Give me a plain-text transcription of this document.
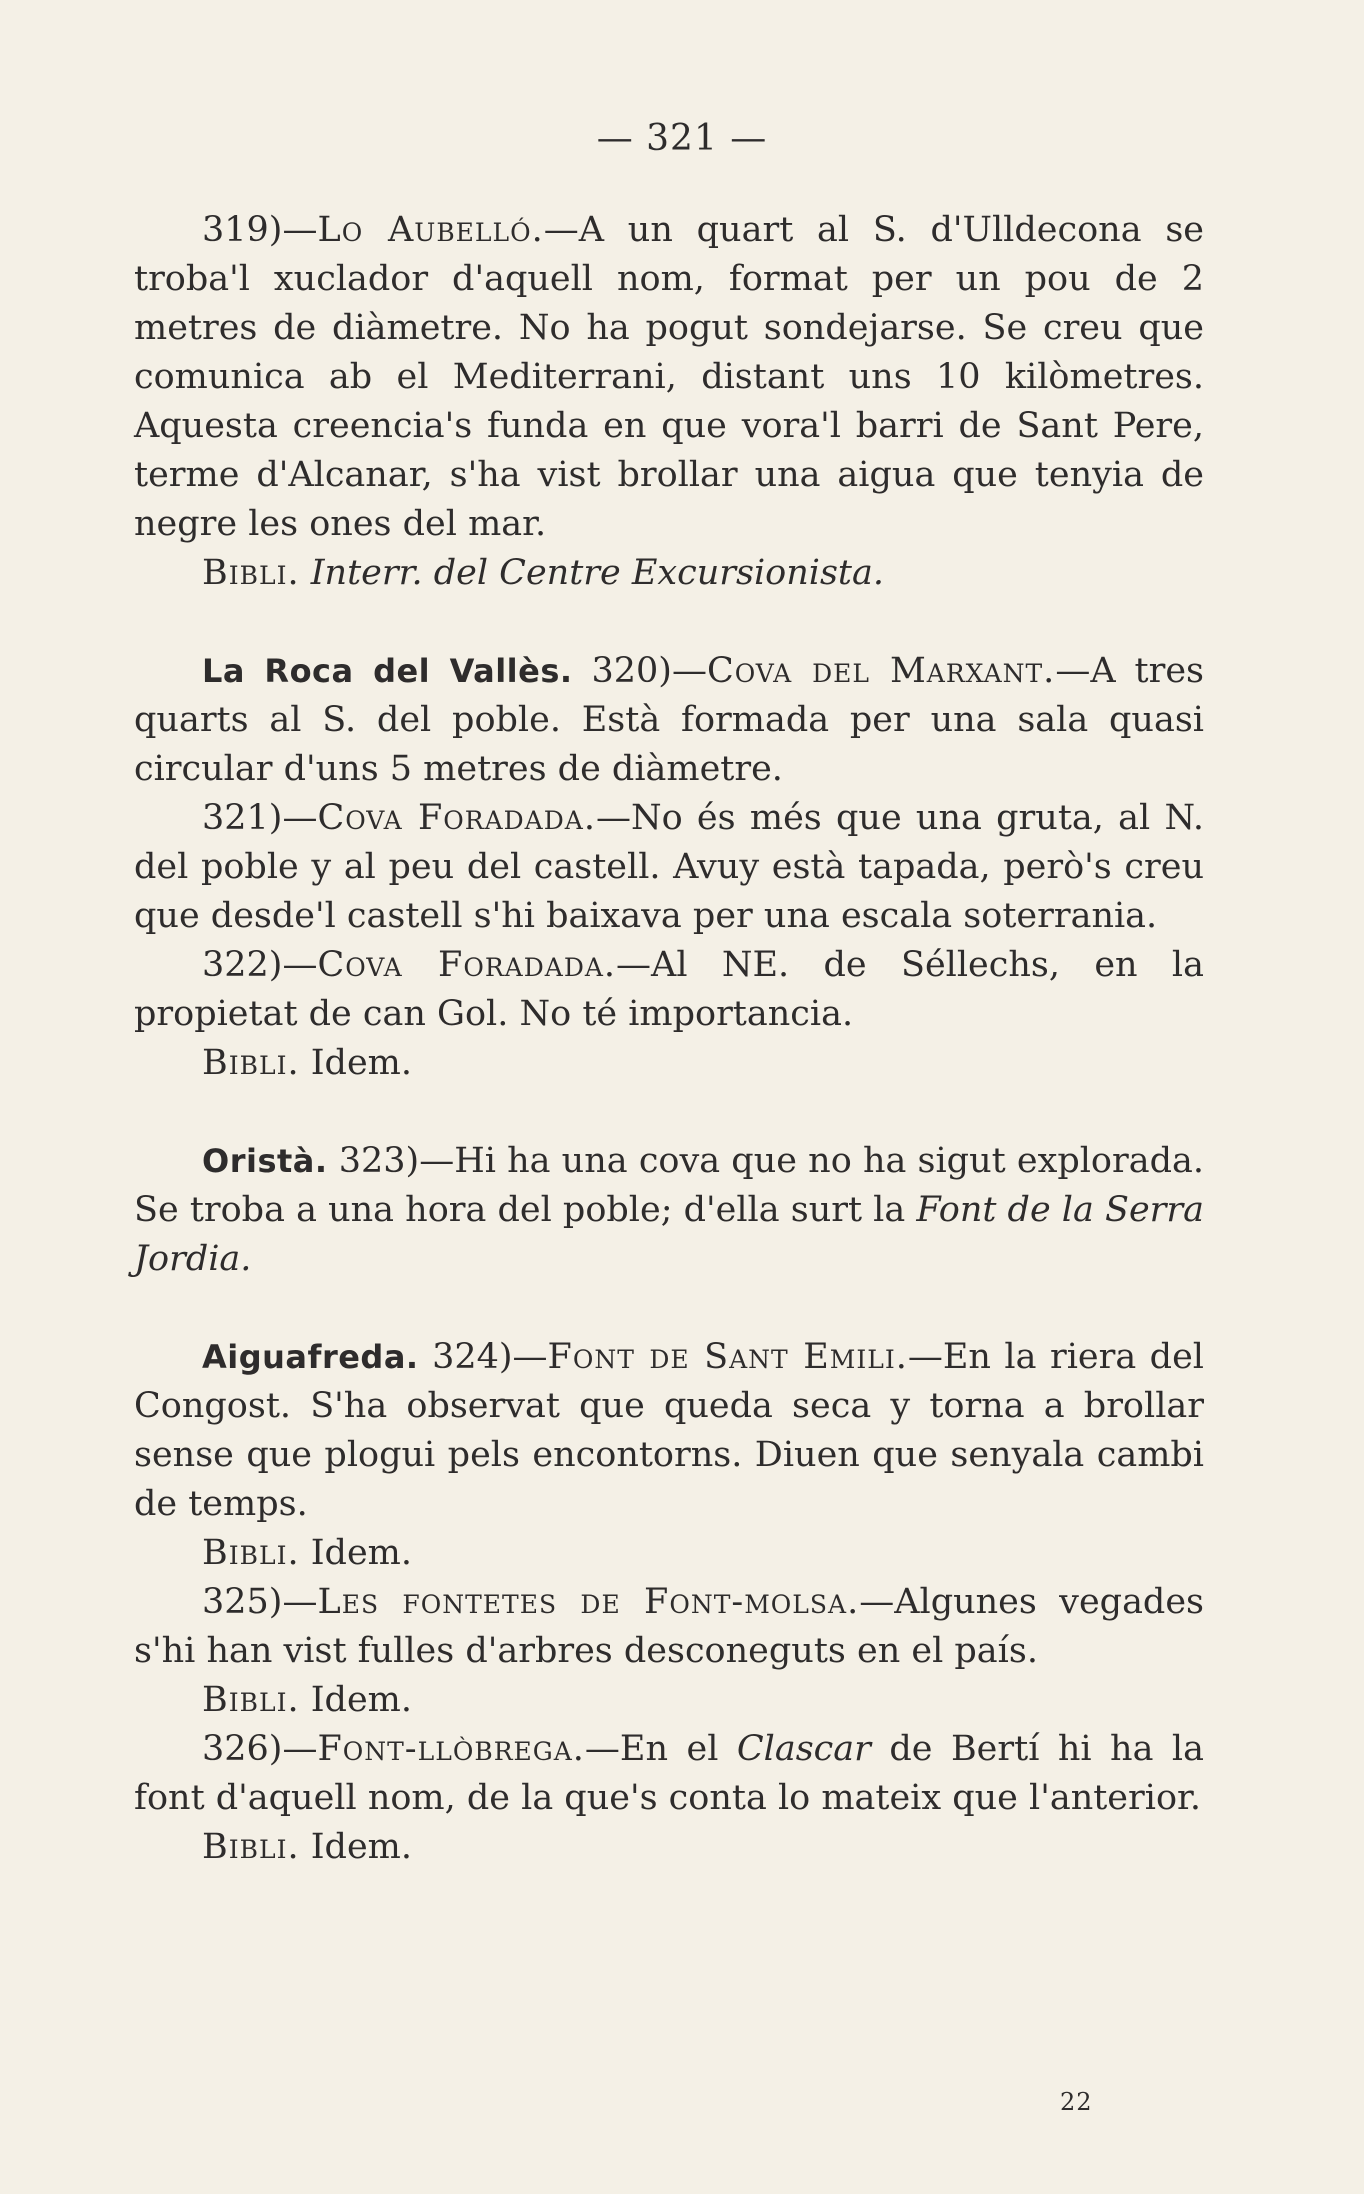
— 321 —

319)—Lo Aubelló.—A un quart al S. d'Ulldecona se troba'l xuclador d'aquell nom, format per un pou de 2 metres de diàmetre. No ha pogut sondejarse. Se creu que comunica ab el Mediterrani, distant uns 10 kilòmetres. Aquesta creencia's funda en que vora'l barri de Sant Pere, terme d'Alcanar, s'ha vist brollar una aigua que tenyia de negre les ones del mar.

Bibli. Interr. del Centre Excursionista.

La Roca del Vallès. 320)—Cova del Marxant.—A tres quarts al S. del poble. Està formada per una sala quasi circular d'uns 5 metres de diàmetre.

321)—Cova Foradada.—No és més que una gruta, al N. del poble y al peu del castell. Avuy està tapada, però's creu que desde'l castell s'hi baixava per una escala soterrania.

322)—Cova Foradada.—Al NE. de Séllechs, en la propietat de can Gol. No té importancia.

Bibli. Idem.

Oristà. 323)—Hi ha una cova que no ha sigut explorada. Se troba a una hora del poble; d'ella surt la Font de la Serra Jordia.

Aiguafreda. 324)—Font de Sant Emili.—En la riera del Congost. S'ha observat que queda seca y torna a brollar sense que plogui pels encontorns. Diuen que senyala cambi de temps.

Bibli. Idem.

325)—Les fontetes de Font-molsa.—Algunes vegades s'hi han vist fulles d'arbres desconeguts en el país.

Bibli. Idem.

326)—Font-llòbrega.—En el Clascar de Bertí hi ha la font d'aquell nom, de la que's conta lo mateix que l'anterior.

Bibli. Idem.

22
